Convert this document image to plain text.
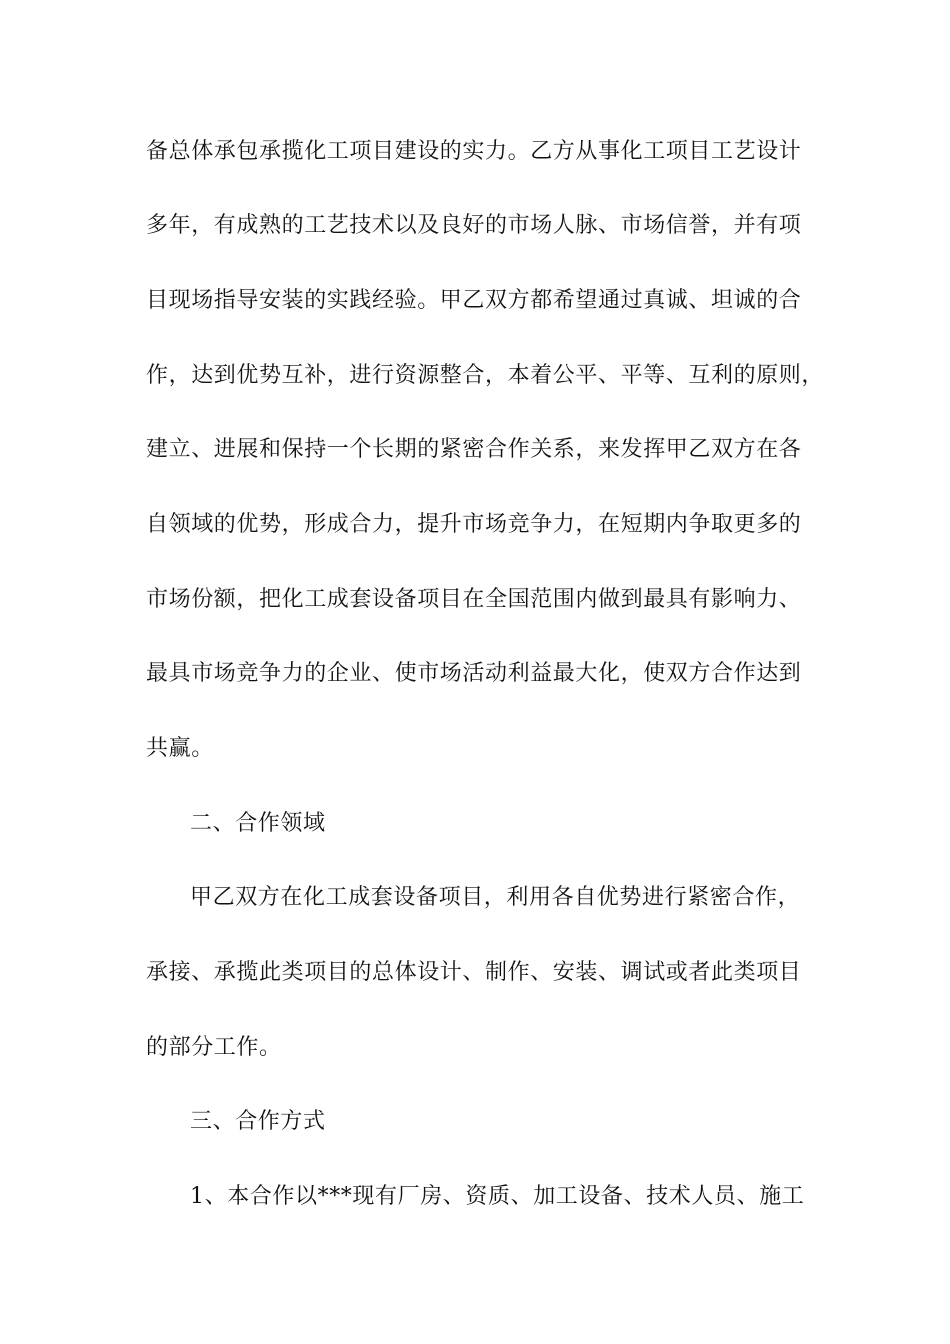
备总体承包承揽化工项目建设的实力。乙方从事化工项目工艺设计
多年，有成熟的工艺技术以及良好的市场人脉、市场信誉，并有项
目现场指导安装的实践经验。甲乙双方都希望通过真诚、坦诚的合
作，达到优势互补，进行资源整合，本着公平、平等、互利的原则，
建立、进展和保持一个长期的紧密合作关系，来发挥甲乙双方在各
自领域的优势，形成合力，提升市场竞争力，在短期内争取更多的
市场份额，把化工成套设备项目在全国范围内做到最具有影响力、
最具市场竞争力的企业、使市场活动利益最大化，使双方合作达到
共赢。
二、合作领域
甲乙双方在化工成套设备项目，利用各自优势进行紧密合作，
承接、承揽此类项目的总体设计、制作、安装、调试或者此类项目
的部分工作。
三、合作方式
1、本合作以***现有厂房、资质、加工设备、技术人员、施工
